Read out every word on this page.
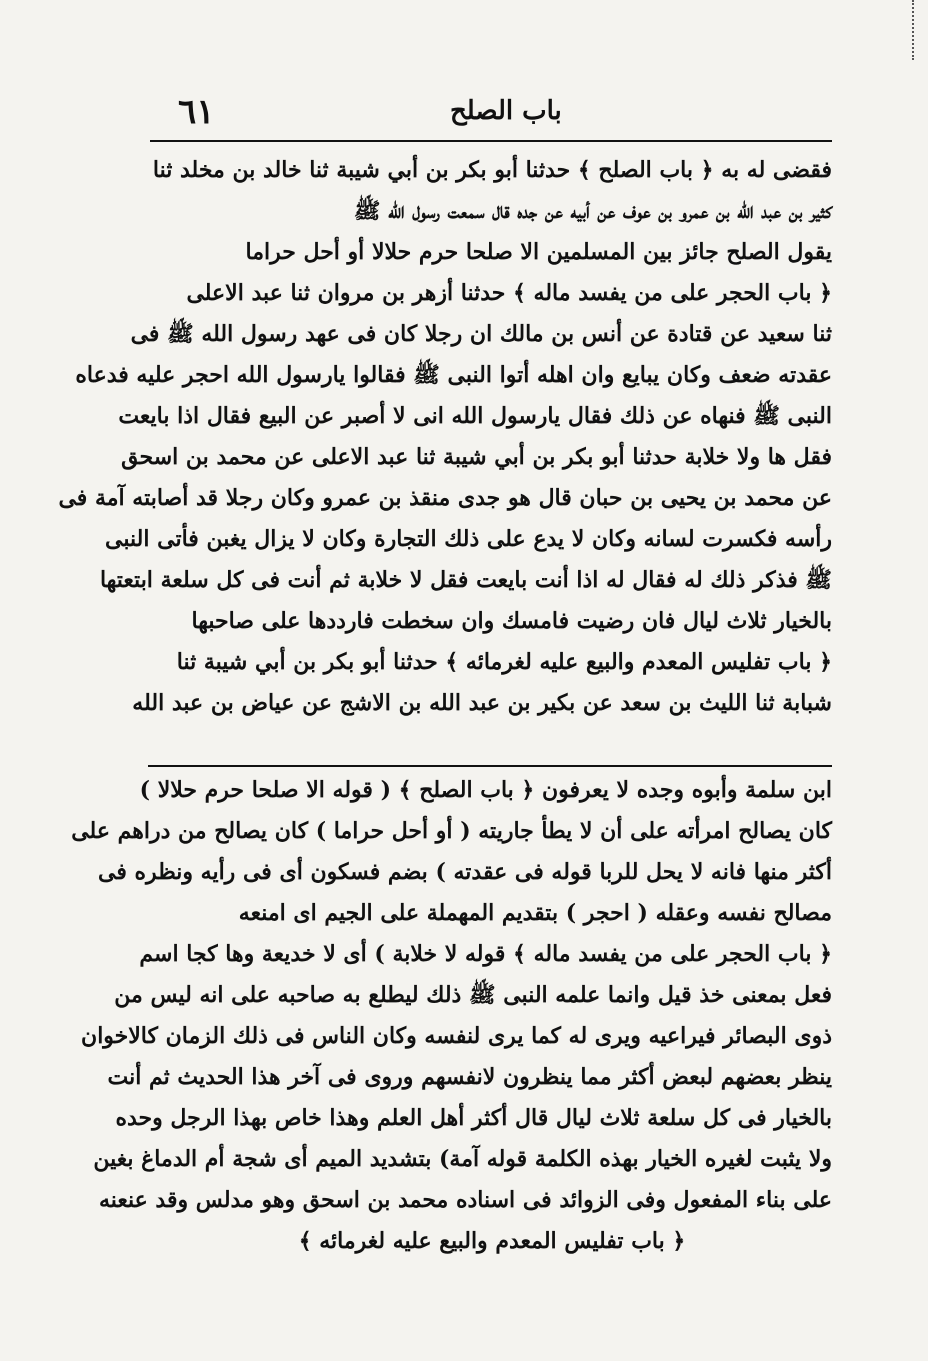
٦١	باب الصلح
فقضى له به ﴿ باب الصلح ﴾ حدثنا أبو بكر بن أبي شيبة ثنا خالد بن مخلد ثنا
كثير بن عبد الله بن عمرو بن عوف عن أبيه عن جده قال سمعت رسول الله ﷺ
يقول الصلح جائز بين المسلمين الا صلحا حرم حلالا أو أحل حراما
﴿ باب الحجر على من يفسد ماله ﴾ حدثنا أزهر بن مروان ثنا عبد الاعلى
ثنا سعيد عن قتادة عن أنس بن مالك ان رجلا كان فى عهد رسول الله ﷺ فى
عقدته ضعف وكان يبايع وان اهله أتوا النبى ﷺ فقالوا يارسول الله احجر عليه فدعاه
النبى ﷺ فنهاه عن ذلك فقال يارسول الله انى لا أصبر عن البيع فقال اذا بايعت
فقل ها ولا خلابة حدثنا أبو بكر بن أبي شيبة ثنا عبد الاعلى عن محمد بن اسحق
عن محمد بن يحيى بن حبان قال هو جدى منقذ بن عمرو وكان رجلا قد أصابته آمة فى
رأسه فكسرت لسانه وكان لا يدع على ذلك التجارة وكان لا يزال يغبن فأتى النبى
ﷺ فذكر ذلك له فقال له اذا أنت بايعت فقل لا خلابة ثم أنت فى كل سلعة ابتعتها
بالخيار ثلاث ليال فان رضيت فامسك وان سخطت فارددها على صاحبها
﴿ باب تفليس المعدم والبيع عليه لغرمائه ﴾ حدثنا أبو بكر بن أبي شيبة ثنا
شبابة ثنا الليث بن سعد عن بكير بن عبد الله بن الاشج عن عياض بن عبد الله
ابن سلمة وأبوه وجده لا يعرفون ﴿ باب الصلح ﴾ ( قوله الا صلحا حرم حلالا )
كان يصالح امرأته على أن لا يطأ جاريته ( أو أحل حراما ) كان يصالح من دراهم على
أكثر منها فانه لا يحل للربا قوله فى عقدته ) بضم فسكون أى فى رأيه ونظره فى
مصالح نفسه وعقله ( احجر ) بتقديم المهملة على الجيم اى امنعه
﴿ باب الحجر على من يفسد ماله ﴾ قوله لا خلابة ) أى لا خديعة وها كجا اسم
فعل بمعنى خذ قيل وانما علمه النبى ﷺ ذلك ليطلع به صاحبه على انه ليس من
ذوى البصائر فيراعيه ويرى له كما يرى لنفسه وكان الناس فى ذلك الزمان كالاخوان
ينظر بعضهم لبعض أكثر مما ينظرون لانفسهم وروى فى آخر هذا الحديث ثم أنت
بالخيار فى كل سلعة ثلاث ليال قال أكثر أهل العلم وهذا خاص بهذا الرجل وحده
ولا يثبت لغيره الخيار بهذه الكلمة قوله آمة) بتشديد الميم أى شجة أم الدماغ بغين
على بناء المفعول وفى الزوائد فى اسناده محمد بن اسحق وهو مدلس وقد عنعنه
﴿ باب تفليس المعدم والبيع عليه لغرمائه ﴾
